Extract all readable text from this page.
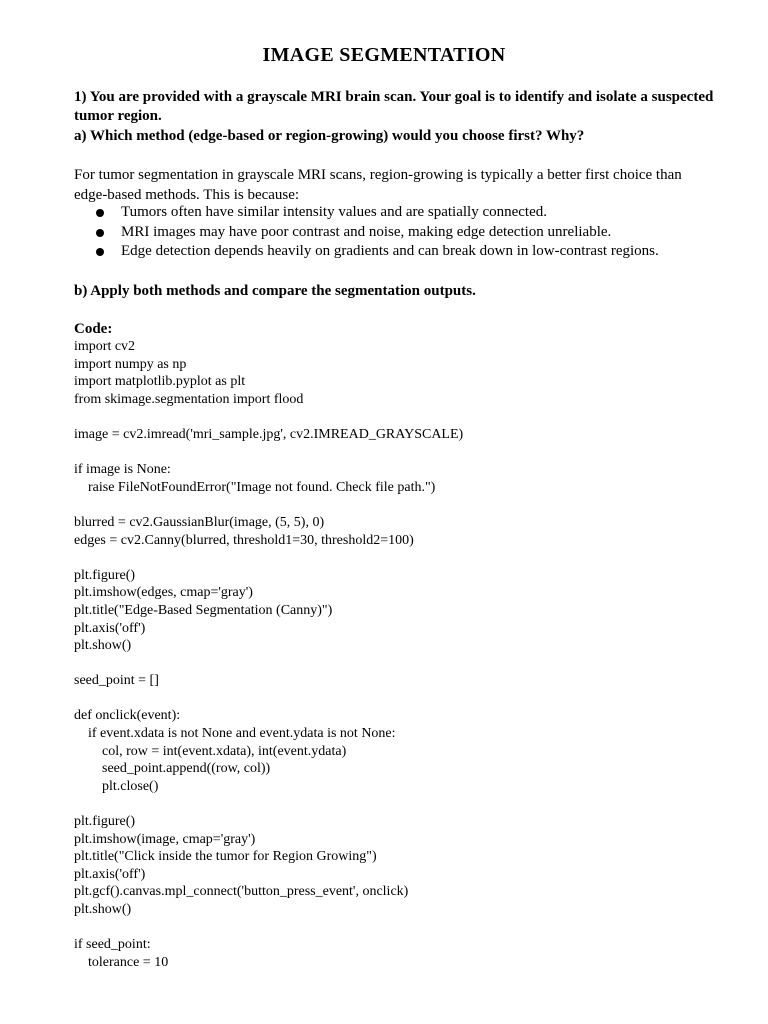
IMAGE SEGMENTATION
1) You are provided with a grayscale MRI brain scan. Your goal is to identify and isolate a suspected tumor region.
a) Which method (edge-based or region-growing) would you choose first? Why?
For tumor segmentation in grayscale MRI scans, region-growing is typically a better first choice than edge-based methods. This is because:
Tumors often have similar intensity values and are spatially connected.
MRI images may have poor contrast and noise, making edge detection unreliable.
Edge detection depends heavily on gradients and can break down in low-contrast regions.
b) Apply both methods and compare the segmentation outputs.
Code:
import cv2
import numpy as np
import matplotlib.pyplot as plt
from skimage.segmentation import flood

image = cv2.imread('mri_sample.jpg', cv2.IMREAD_GRAYSCALE)

if image is None:
raise FileNotFoundError("Image not found. Check file path.")

blurred = cv2.GaussianBlur(image, (5, 5), 0)
edges = cv2.Canny(blurred, threshold1=30, threshold2=100)

plt.figure()
plt.imshow(edges, cmap='gray')
plt.title("Edge-Based Segmentation (Canny)")
plt.axis('off')
plt.show()

seed_point = []

def onclick(event):
if event.xdata is not None and event.ydata is not None:
col, row = int(event.xdata), int(event.ydata)
seed_point.append((row, col))
plt.close()

plt.figure()
plt.imshow(image, cmap='gray')
plt.title("Click inside the tumor for Region Growing")
plt.axis('off')
plt.gcf().canvas.mpl_connect('button_press_event', onclick)
plt.show()

if seed_point:
tolerance = 10
